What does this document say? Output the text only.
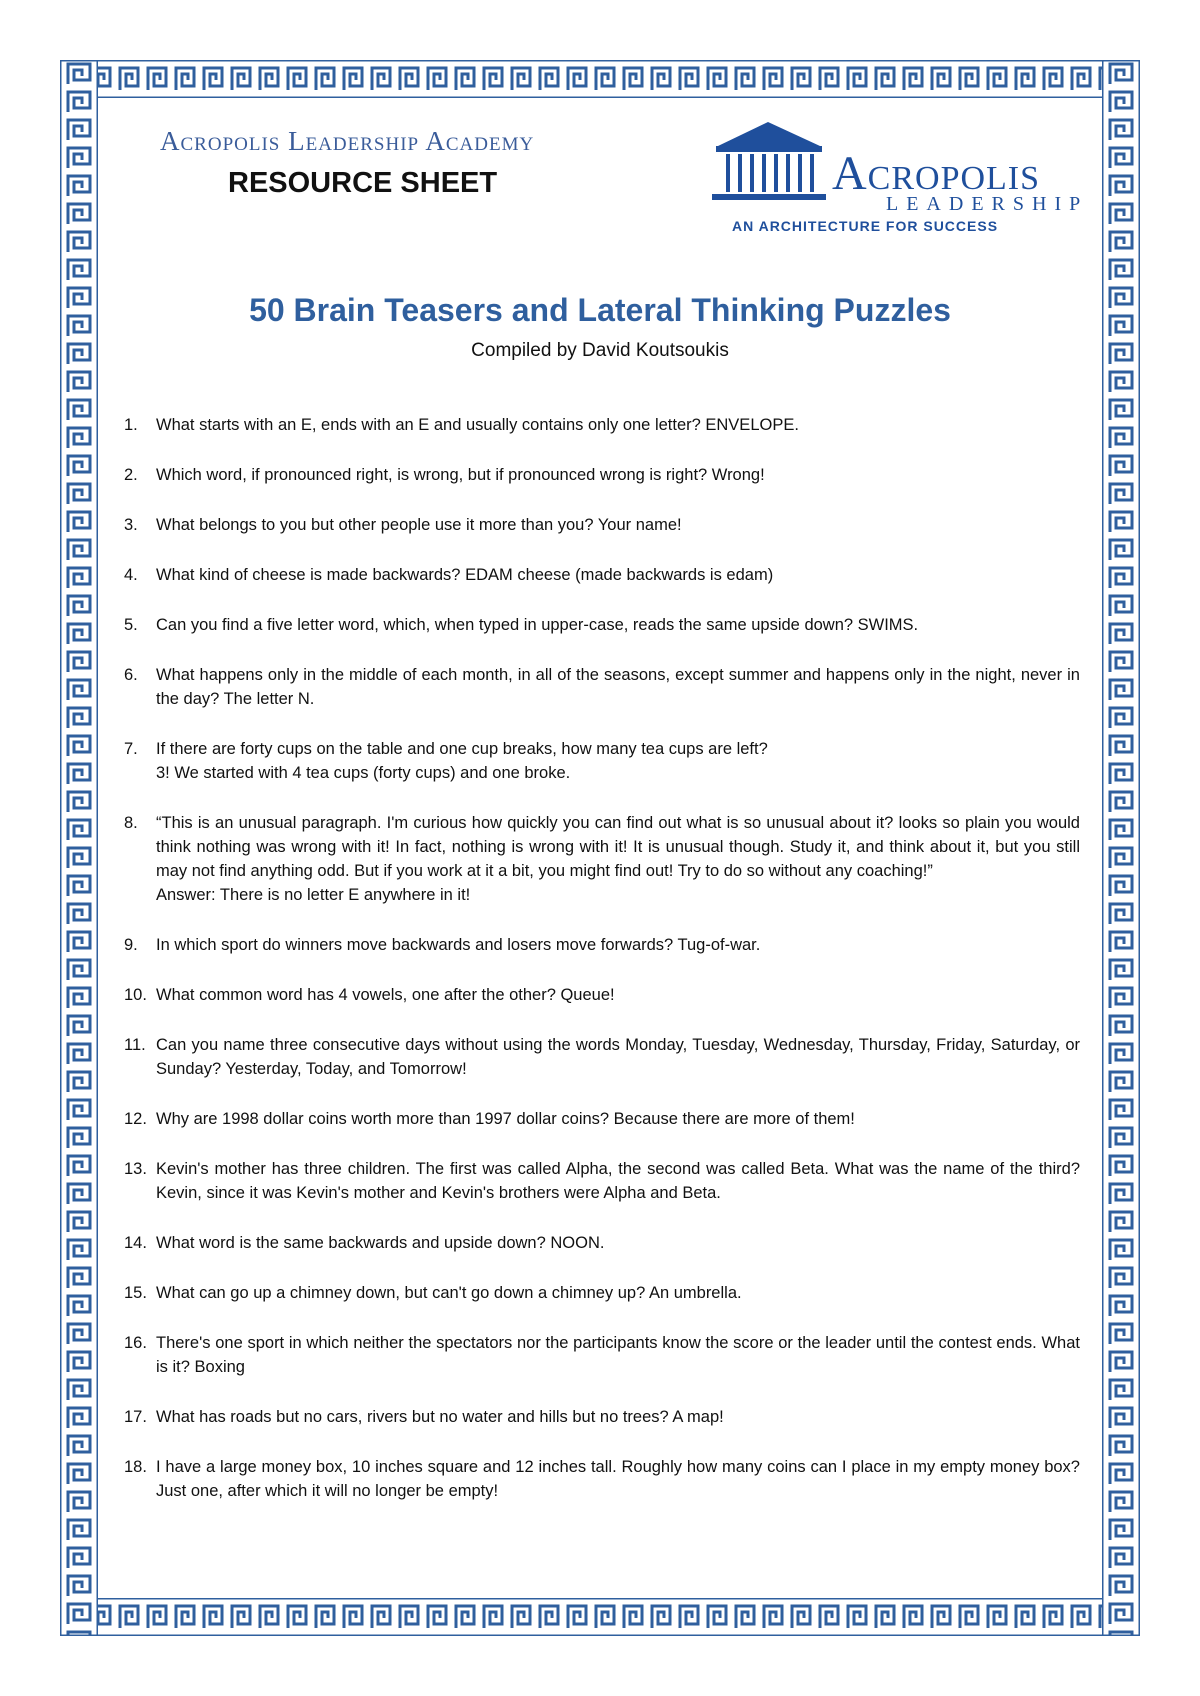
Acropolis Leadership Academy
RESOURCE SHEET	Acropolis
LEADERSHIP
AN ARCHITECTURE FOR SUCCESS
50 Brain Teasers and Lateral Thinking Puzzles
Compiled by David Koutsoukis
1.	What starts with an E, ends with an E and usually contains only one letter? ENVELOPE.
2.	Which word, if pronounced right, is wrong, but if pronounced wrong is right? Wrong!
3.	What belongs to you but other people use it more than you? Your name!
4.	What kind of cheese is made backwards? EDAM cheese (made backwards is edam)
5.	Can you find a five letter word, which, when typed in upper-case, reads the same upside down? SWIMS.
6.	What happens only in the middle of each month, in all of the seasons, except summer and happens only in the night, never in the day? The letter N.
7.	If there are forty cups on the table and one cup breaks, how many tea cups are left?
3! We started with 4 tea cups (forty cups) and one broke.
8.	“This is an unusual paragraph. I'm curious how quickly you can find out what is so unusual about it? looks so plain you would think nothing was wrong with it! In fact, nothing is wrong with it! It is unusual though. Study it, and think about it, but you still may not find anything odd. But if you work at it a bit, you might find out! Try to do so without any coaching!”
Answer: There is no letter E anywhere in it!
9.	In which sport do winners move backwards and losers move forwards? Tug-of-war.
10. What common word has 4 vowels, one after the other? Queue!
11. Can you name three consecutive days without using the words Monday, Tuesday, Wednesday, Thursday, Friday, Saturday, or Sunday? Yesterday, Today, and Tomorrow!
12. Why are 1998 dollar coins worth more than 1997 dollar coins? Because there are more of them!
13. Kevin's mother has three children. The first was called Alpha, the second was called Beta. What was the name of the third? Kevin, since it was Kevin's mother and Kevin's brothers were Alpha and Beta.
14. What word is the same backwards and upside down? NOON.
15. What can go up a chimney down, but can't go down a chimney up? An umbrella.
16. There's one sport in which neither the spectators nor the participants know the score or the leader until the contest ends. What is it? Boxing
17. What has roads but no cars, rivers but no water and hills but no trees? A map!
18. I have a large money box, 10 inches square and 12 inches tall. Roughly how many coins can I place in my empty money box? Just one, after which it will no longer be empty!
